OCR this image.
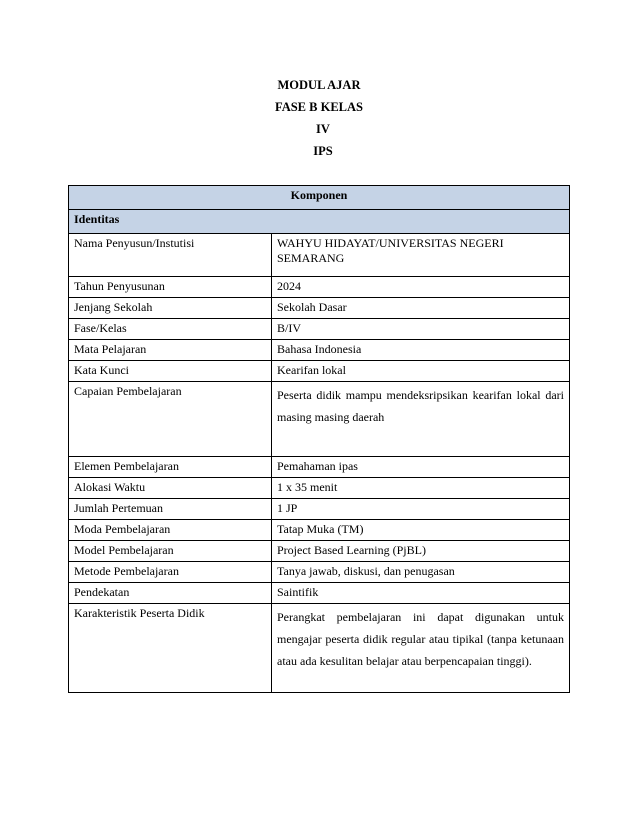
MODUL AJAR
FASE B KELAS
IV
IPS
Komponen	
Identitas	
Nama Penyusun/Instutisi	WAHYU HIDAYAT/UNIVERSITAS NEGERI SEMARANG
Tahun Penyusunan	2024
Jenjang Sekolah	Sekolah Dasar
Fase/Kelas	B/IV
Mata Pelajaran	Bahasa Indonesia
Kata Kunci	Kearifan lokal
Capaian Pembelajaran	Peserta didik mampu mendeksripsikan kearifan lokal dari masing masing daerah
Elemen Pembelajaran	Pemahaman ipas
Alokasi Waktu	1 x 35 menit
Jumlah Pertemuan	1 JP
Moda Pembelajaran	Tatap Muka (TM)
Model Pembelajaran	Project Based Learning (PjBL)
Metode Pembelajaran	Tanya jawab, diskusi, dan penugasan
Pendekatan	Saintifik
Karakteristik Peserta Didik	Perangkat pembelajaran ini dapat digunakan untuk mengajar peserta didik regular atau tipikal (tanpa ketunaan atau ada kesulitan belajar atau berpencapaian tinggi).
